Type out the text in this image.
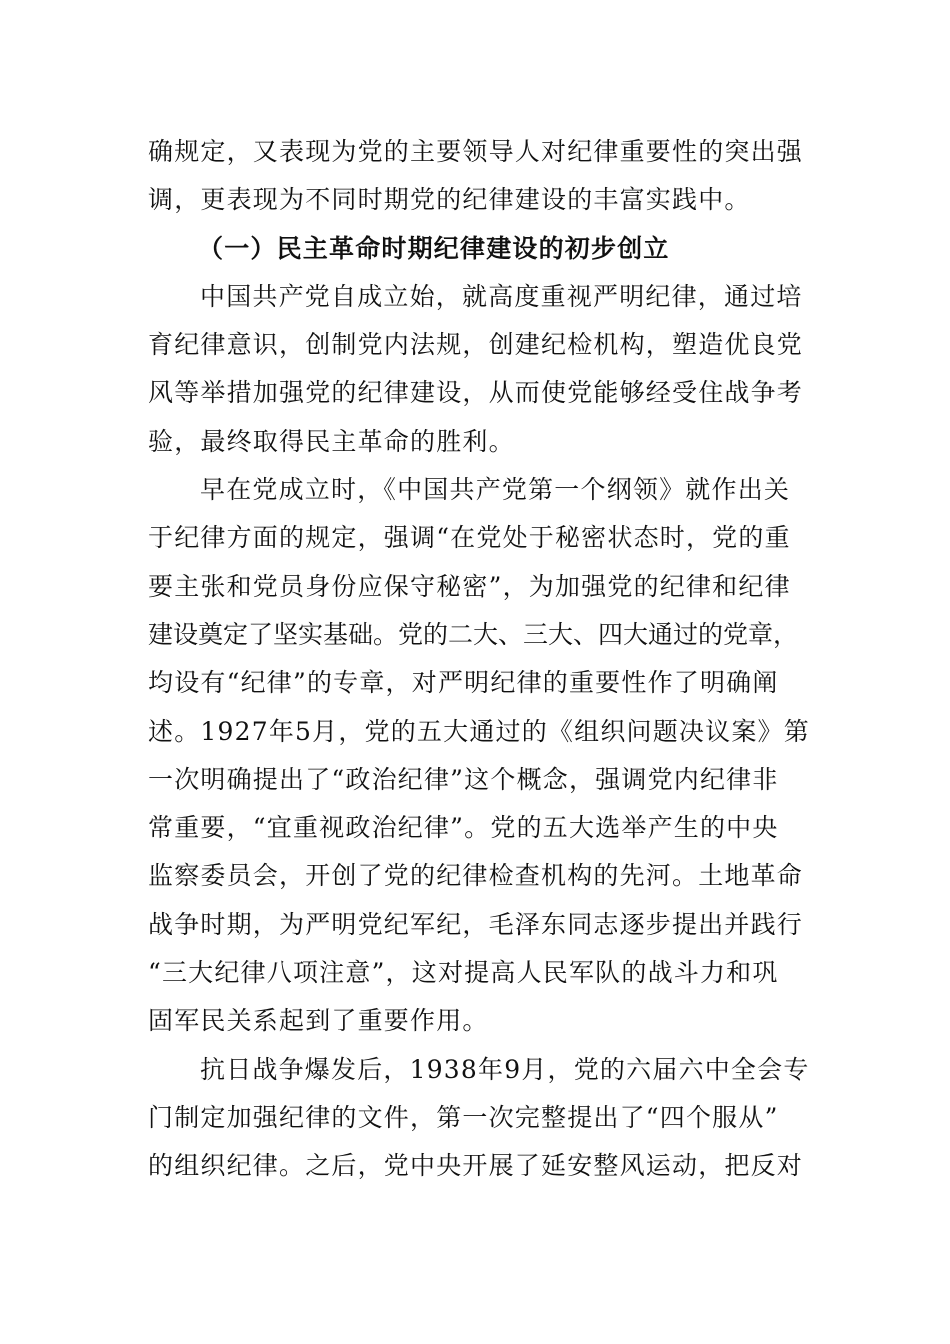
确规定，又表现为党的主要领导人对纪律重要性的突出强
调，更表现为不同时期党的纪律建设的丰富实践中。
（一）民主革命时期纪律建设的初步创立
中国共产党自成立始，就高度重视严明纪律，通过培
育纪律意识，创制党内法规，创建纪检机构，塑造优良党
风等举措加强党的纪律建设，从而使党能够经受住战争考
验，最终取得民主革命的胜利。
早在党成立时，《中国共产党第一个纲领》就作出关
于纪律方面的规定，强调“在党处于秘密状态时，党的重
要主张和党员身份应保守秘密”，为加强党的纪律和纪律
建设奠定了坚实基础。党的二大、三大、四大通过的党章，
均设有“纪律”的专章，对严明纪律的重要性作了明确阐
述。1927年5月，党的五大通过的《组织问题决议案》第
一次明确提出了“政治纪律”这个概念，强调党内纪律非
常重要，“宜重视政治纪律”。党的五大选举产生的中央
监察委员会，开创了党的纪律检查机构的先河。土地革命
战争时期，为严明党纪军纪，毛泽东同志逐步提出并践行
“三大纪律八项注意”，这对提高人民军队的战斗力和巩
固军民关系起到了重要作用。
抗日战争爆发后，1938年9月，党的六届六中全会专
门制定加强纪律的文件，第一次完整提出了“四个服从”
的组织纪律。之后，党中央开展了延安整风运动，把反对
